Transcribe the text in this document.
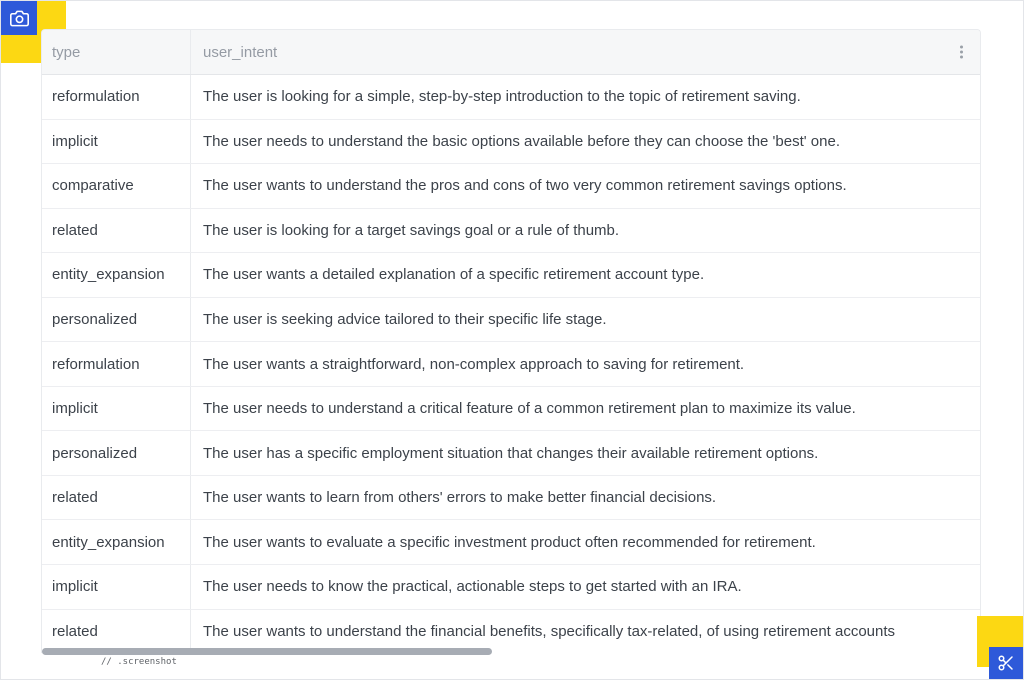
type	user_intent
reformulation	The user is looking for a simple, step-by-step introduction to the topic of retirement saving.
implicit	The user needs to understand the basic options available before they can choose the 'best' one.
comparative	The user wants to understand the pros and cons of two very common retirement savings options.
related	The user is looking for a target savings goal or a rule of thumb.
entity_expansion	The user wants a detailed explanation of a specific retirement account type.
personalized	The user is seeking advice tailored to their specific life stage.
reformulation	The user wants a straightforward, non-complex approach to saving for retirement.
implicit	The user needs to understand a critical feature of a common retirement plan to maximize its value.
personalized	The user has a specific employment situation that changes their available retirement options.
related	The user wants to learn from others' errors to make better financial decisions.
entity_expansion	The user wants to evaluate a specific investment product often recommended for retirement.
implicit	The user needs to know the practical, actionable steps to get started with an IRA.
related	The user wants to understand the financial benefits, specifically tax-related, of using retirement accounts
// .screenshot
